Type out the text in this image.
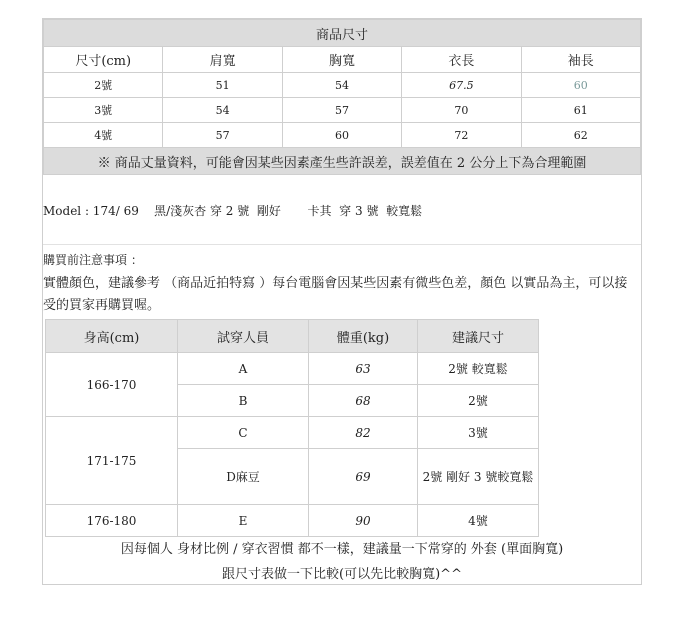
商品尺寸				
尺寸(cm)	肩寬	胸寬	衣長	袖長
2號	51	54	67.5	60
3號	54	57	70	61
4號	57	60	72	62
※ 商品丈量資料，可能會因某些因素產生些許誤差，誤差值在 2 公分上下為合理範圍				
Model : 174/ 69    黑/淺灰杏 穿 2 號  剛好       卡其  穿 3 號  較寬鬆
購買前注意事項 ：
實體顏色，建議參考 （商品近拍特寫 ）每台電腦會因某些因素有微些色差，顏色 以實品為主，可以接受的買家再購買喔。
身高(cm)	試穿人員	體重(kg)	建議尺寸
166-170	A	63	2號 較寬鬆
	B	68	2號
171-175	C	82	3號
	D麻豆	69	2號 剛好 3 號較寬鬆
176-180	E	90	4號
因每個人 身材比例 / 穿衣習慣 都不一樣，建議量一下常穿的 外套 (單面胸寬)
跟尺寸表做一下比較(可以先比較胸寬)^^
